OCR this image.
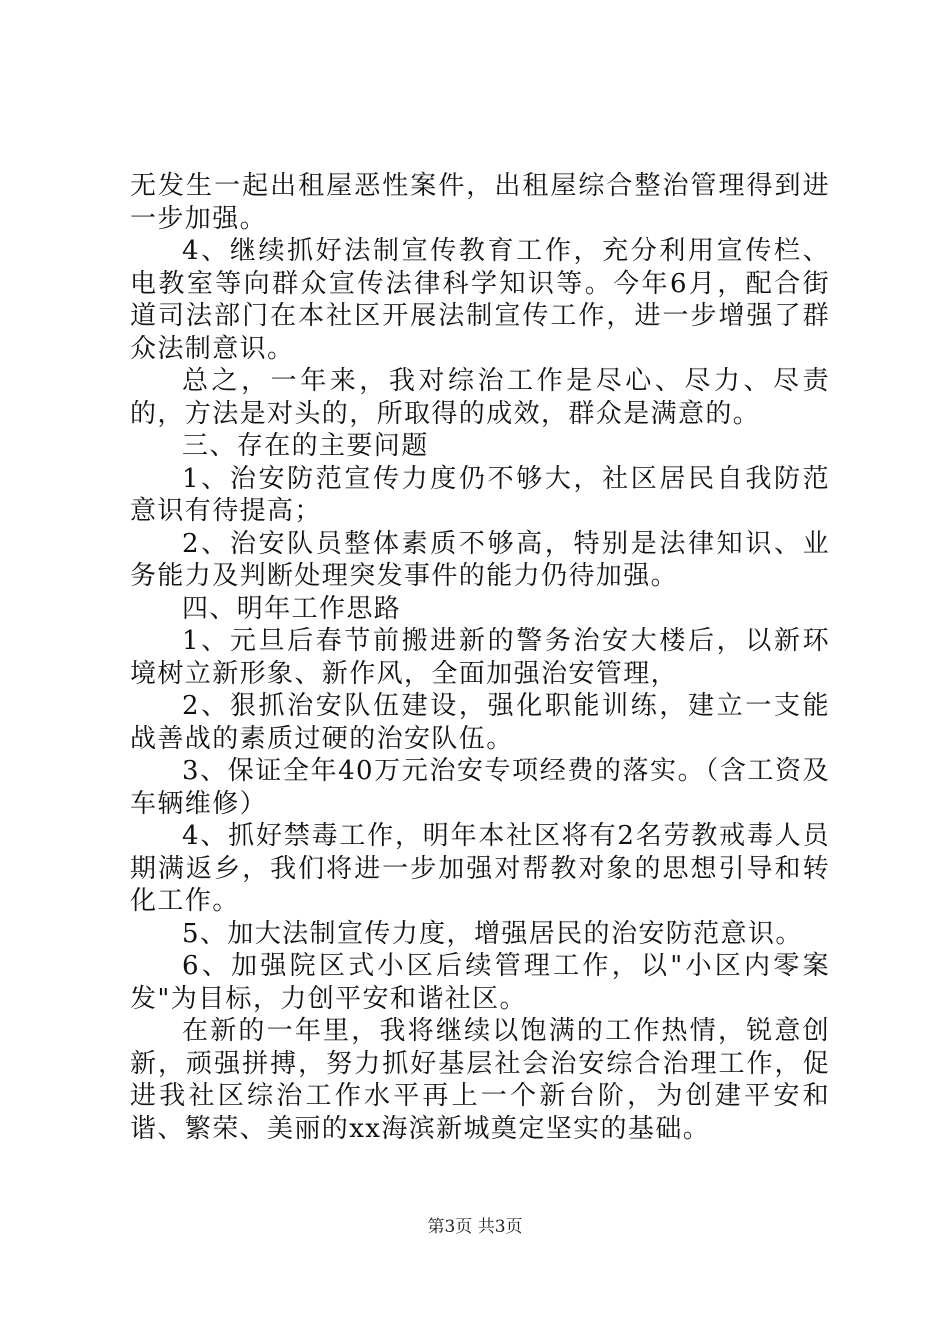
无发生一起出租屋恶性案件，出租屋综合整治管理得到进一步加强。

4、继续抓好法制宣传教育工作，充分利用宣传栏、电教室等向群众宣传法律科学知识等。今年6月，配合街道司法部门在本社区开展法制宣传工作，进一步增强了群众法制意识。

总之，一年来，我对综治工作是尽心、尽力、尽责的，方法是对头的，所取得的成效，群众是满意的。

三、存在的主要问题

1、治安防范宣传力度仍不够大，社区居民自我防范意识有待提高；

2、治安队员整体素质不够高，特别是法律知识、业务能力及判断处理突发事件的能力仍待加强。

四、明年工作思路

1、元旦后春节前搬进新的警务治安大楼后，以新环境树立新形象、新作风，全面加强治安管理，

2、狠抓治安队伍建设，强化职能训练，建立一支能战善战的素质过硬的治安队伍。

3、保证全年40万元治安专项经费的落实。（含工资及车辆维修）

4、抓好禁毒工作，明年本社区将有2名劳教戒毒人员期满返乡，我们将进一步加强对帮教对象的思想引导和转化工作。

5、加大法制宣传力度，增强居民的治安防范意识。

6、加强院区式小区后续管理工作，以"小区内零案发"为目标，力创平安和谐社区。

在新的一年里，我将继续以饱满的工作热情，锐意创新，顽强拼搏，努力抓好基层社会治安综合治理工作，促进我社区综治工作水平再上一个新台阶，为创建平安和谐、繁荣、美丽的xx海滨新城奠定坚实的基础。

第3页 共3页
